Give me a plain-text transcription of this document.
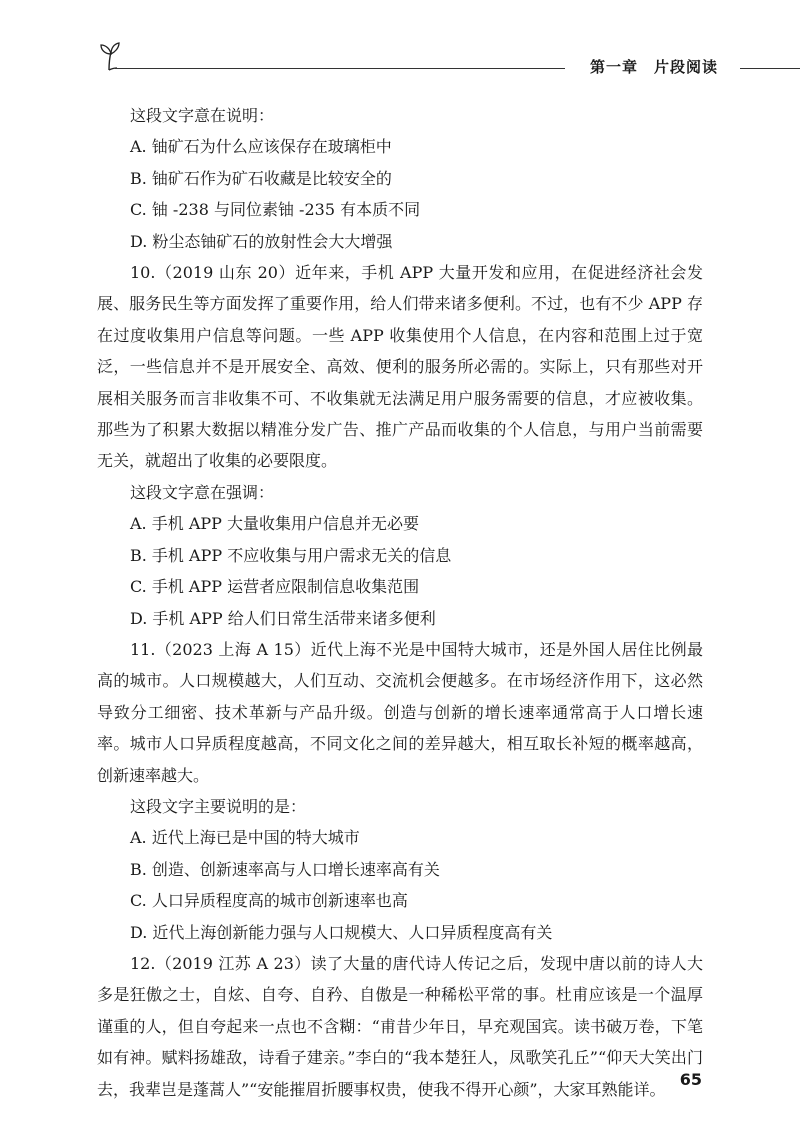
第一章 片段阅读

这段文字意在说明：

A. 铀矿石为什么应该保存在玻璃柜中

B. 铀矿石作为矿石收藏是比较安全的

C. 铀 -238 与同位素铀 -235 有本质不同

D. 粉尘态铀矿石的放射性会大大增强

10.（2019 山东 20）近年来，手机 APP 大量开发和应用，在促进经济社会发展、服务民生等方面发挥了重要作用，给人们带来诸多便利。不过，也有不少 APP 存在过度收集用户信息等问题。一些 APP 收集使用个人信息，在内容和范围上过于宽泛，一些信息并不是开展安全、高效、便利的服务所必需的。实际上，只有那些对开展相关服务而言非收集不可、不收集就无法满足用户服务需要的信息，才应被收集。那些为了积累大数据以精准分发广告、推广产品而收集的个人信息，与用户当前需要无关，就超出了收集的必要限度。

这段文字意在强调：

A. 手机 APP 大量收集用户信息并无必要

B. 手机 APP 不应收集与用户需求无关的信息

C. 手机 APP 运营者应限制信息收集范围

D. 手机 APP 给人们日常生活带来诸多便利

11.（2023 上海 A 15）近代上海不光是中国特大城市，还是外国人居住比例最高的城市。人口规模越大，人们互动、交流机会便越多。在市场经济作用下，这必然导致分工细密、技术革新与产品升级。创造与创新的增长速率通常高于人口增长速率。城市人口异质程度越高，不同文化之间的差异越大，相互取长补短的概率越高，创新速率越大。

这段文字主要说明的是：

A. 近代上海已是中国的特大城市

B. 创造、创新速率高与人口增长速率高有关

C. 人口异质程度高的城市创新速率也高

D. 近代上海创新能力强与人口规模大、人口异质程度高有关

12.（2019 江苏 A 23）读了大量的唐代诗人传记之后，发现中唐以前的诗人大多是狂傲之士，自炫、自夸、自矜、自傲是一种稀松平常的事。杜甫应该是一个温厚谨重的人，但自夸起来一点也不含糊：“甫昔少年日，早充观国宾。读书破万卷，下笔如有神。赋料扬雄敌，诗看子建亲。”李白的“我本楚狂人，凤歌笑孔丘”“仰天大笑出门去，我辈岂是蓬蒿人”“安能摧眉折腰事权贵，使我不得开心颜”，大家耳熟能详。

65
